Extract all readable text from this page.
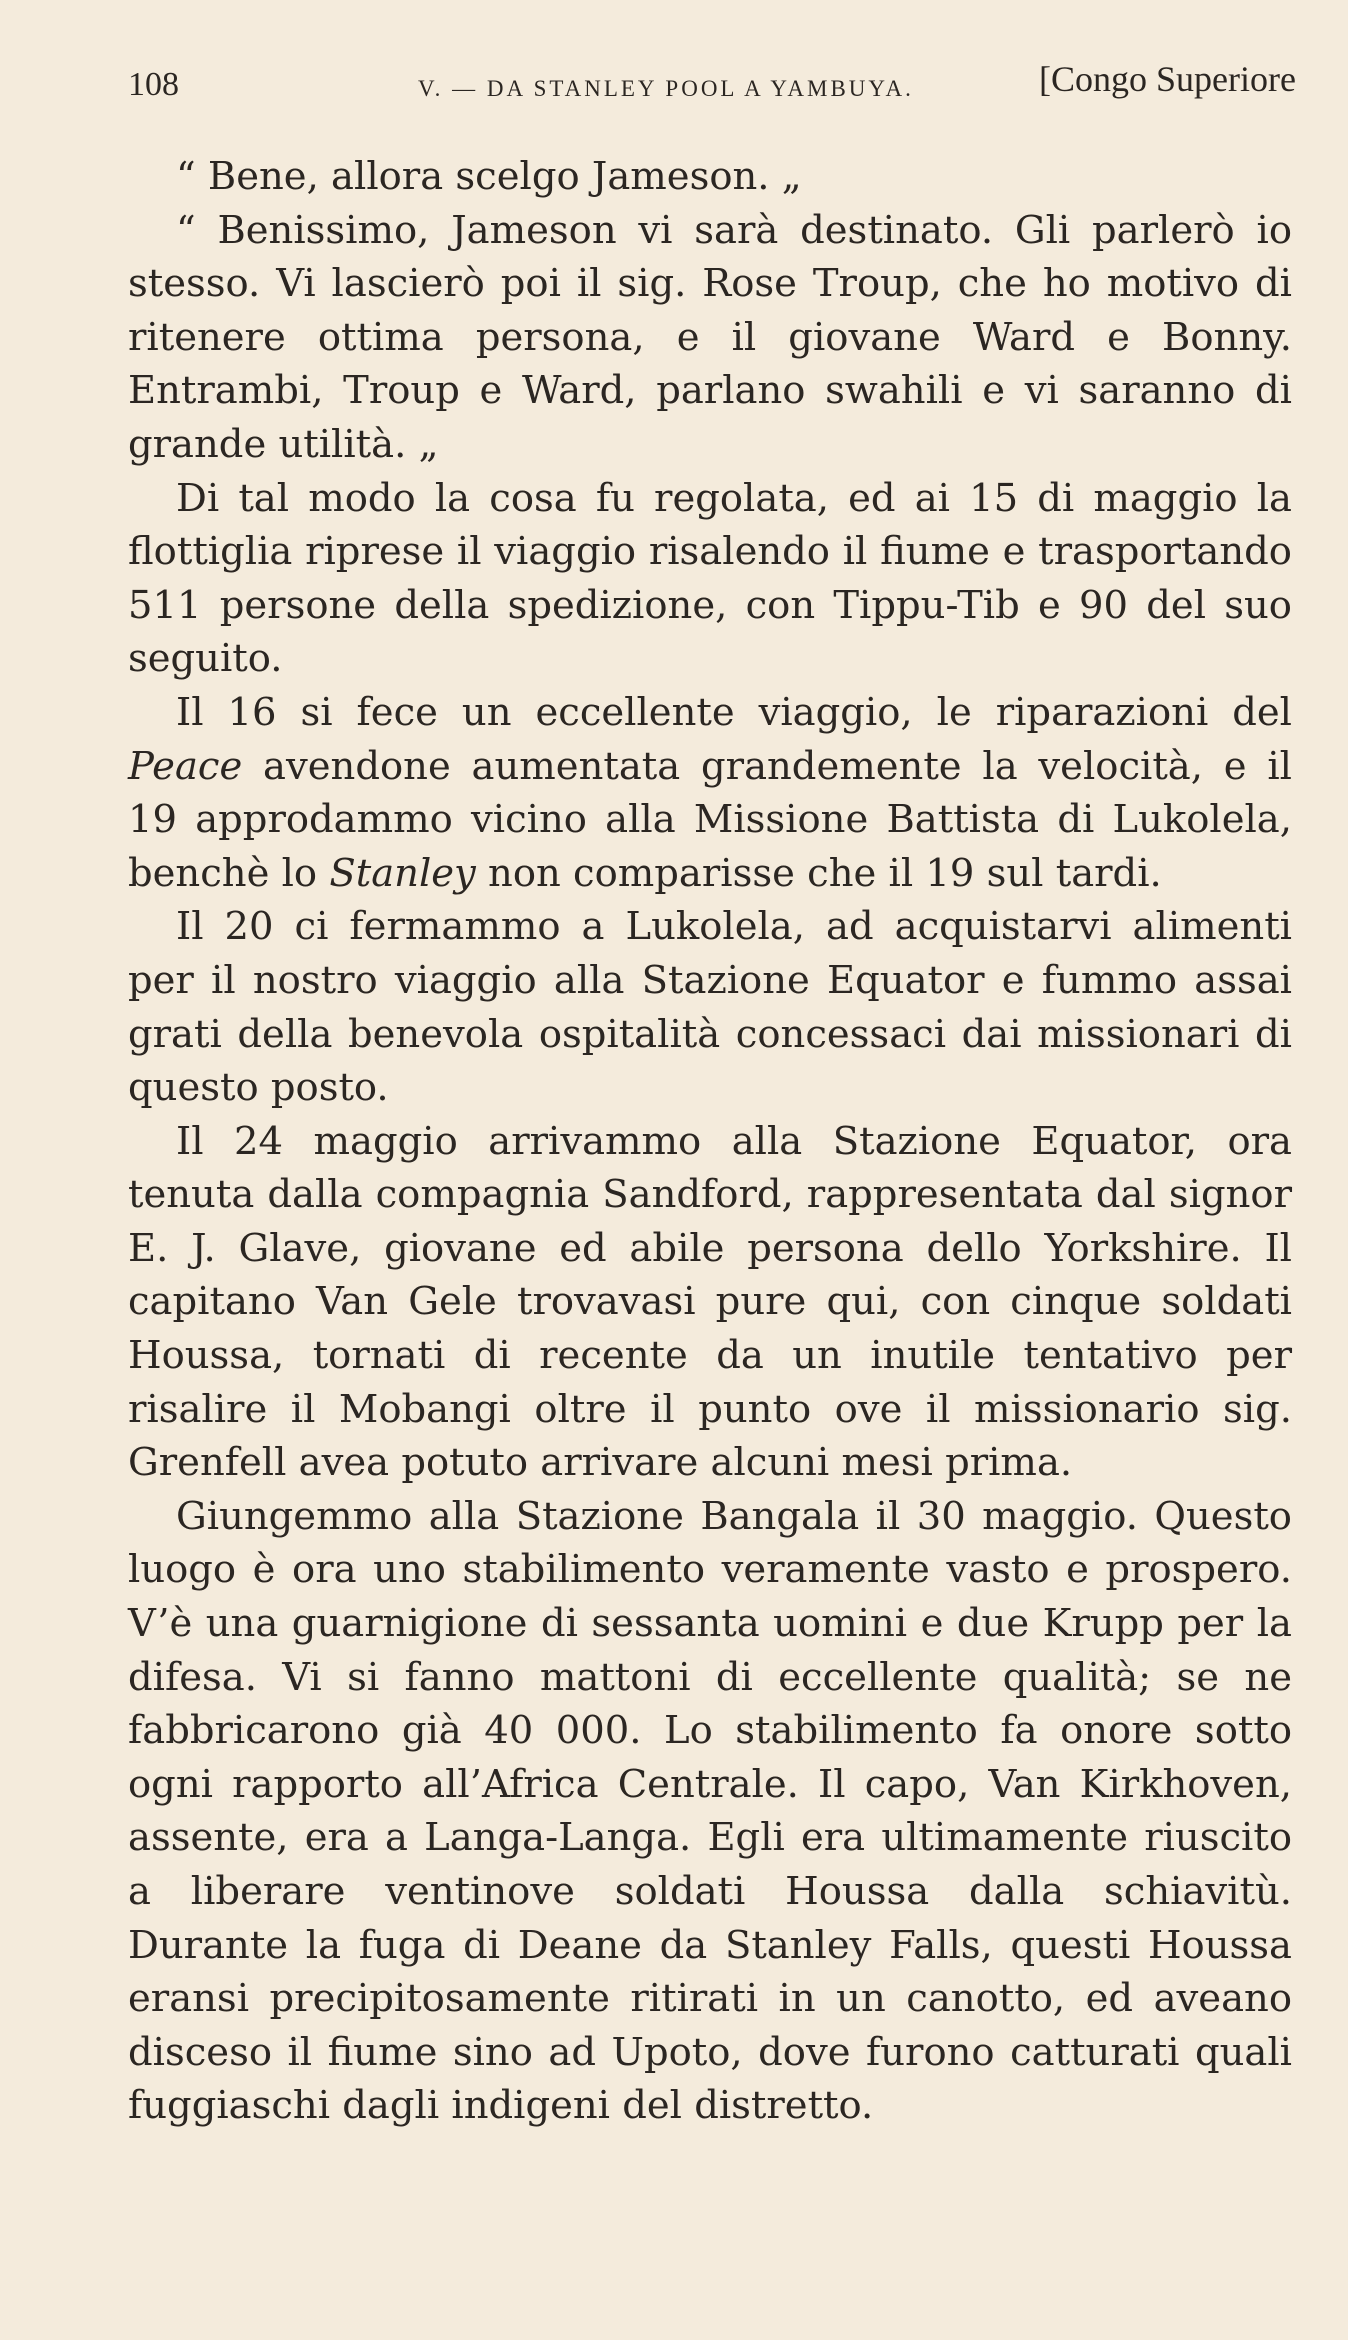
108	V. — DA STANLEY POOL A YAMBUYA.	[Congo Superiore

“ Bene, allora scelgo Jameson. „

“ Benissimo, Jameson vi sarà destinato. Gli parlerò io stesso. Vi lascierò poi il sig. Rose Troup, che ho motivo di ritenere ottima persona, e il giovane Ward e Bonny. Entrambi, Troup e Ward, parlano swahili e vi saranno di grande utilità. „

Di tal modo la cosa fu regolata, ed ai 15 di maggio la flottiglia riprese il viaggio risalendo il fiume e trasportando 511 persone della spedizione, con Tippu-Tib e 90 del suo seguito.

Il 16 si fece un eccellente viaggio, le riparazioni del Peace avendone aumentata grandemente la velocità, e il 19 approdammo vicino alla Missione Battista di Lukolela, benchè lo Stanley non comparisse che il 19 sul tardi.

Il 20 ci fermammo a Lukolela, ad acquistarvi alimenti per il nostro viaggio alla Stazione Equator e fummo assai grati della benevola ospitalità concessaci dai missionari di questo posto.

Il 24 maggio arrivammo alla Stazione Equator, ora tenuta dalla compagnia Sandford, rappresentata dal signor E. J. Glave, giovane ed abile persona dello Yorkshire. Il capitano Van Gele trovavasi pure qui, con cinque soldati Houssa, tornati di recente da un inutile tentativo per risalire il Mobangi oltre il punto ove il missionario sig. Grenfell avea potuto arrivare alcuni mesi prima.

Giungemmo alla Stazione Bangala il 30 maggio. Questo luogo è ora uno stabilimento veramente vasto e prospero. V’è una guarnigione di sessanta uomini e due Krupp per la difesa. Vi si fanno mattoni di eccellente qualità; se ne fabbricarono già 40 000. Lo stabilimento fa onore sotto ogni rapporto all’Africa Centrale. Il capo, Van Kirkhoven, assente, era a Langa-Langa. Egli era ultimamente riuscito a liberare ventinove soldati Houssa dalla schiavitù. Durante la fuga di Deane da Stanley Falls, questi Houssa eransi precipitosamente ritirati in un canotto, ed aveano disceso il fiume sino ad Upoto, dove furono catturati quali fuggiaschi dagli indigeni del distretto.
